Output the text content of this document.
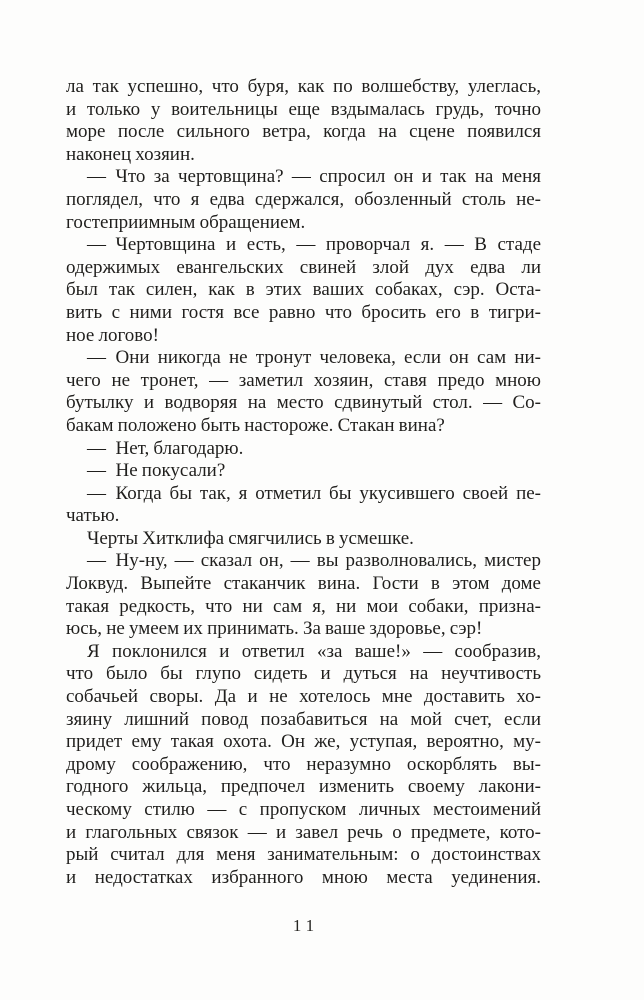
ла так успешно, что буря, как по волшебству, улеглась,
и только у воительницы еще вздымалась грудь, точно
море после сильного ветра, когда на сцене появился
наконец хозяин.
— Что за чертовщина? — спросил он и так на меня
поглядел, что я едва сдержался, обозленный столь не-
гостеприимным обращением.
— Чертовщина и есть, — проворчал я. — В стаде
одержимых евангельских свиней злой дух едва ли
был так силен, как в этих ваших собаках, сэр. Оста-
вить с ними гостя все равно что бросить его в тигри-
ное логово!
— Они никогда не тронут человека, если он сам ни-
чего не тронет, — заметил хозяин, ставя предо мною
бутылку и водворяя на место сдвинутый стол. — Со-
бакам положено быть настороже. Стакан вина?
— Нет, благодарю.
— Не покусали?
— Когда бы так, я отметил бы укусившего своей пе-
чатью.
Черты Хитклифа смягчились в усмешке.
— Ну-ну, — сказал он, — вы разволновались, мистер
Локвуд. Выпейте стаканчик вина. Гости в этом доме
такая редкость, что ни сам я, ни мои собаки, призна-
юсь, не умеем их принимать. За ваше здоровье, сэр!
Я поклонился и ответил «за ваше!» — сообразив,
что было бы глупо сидеть и дуться на неучтивость
собачьей своры. Да и не хотелось мне доставить хо-
зяину лишний повод позабавиться на мой счет, если
придет ему такая охота. Он же, уступая, вероятно, му-
дрому соображению, что неразумно оскорблять вы-
годного жильца, предпочел изменить своему лакони-
ческому стилю — с пропуском личных местоимений
и глагольных связок — и завел речь о предмете, кото-
рый считал для меня занимательным: о достоинствах
и недостатках избранного мною места уединения.
11
